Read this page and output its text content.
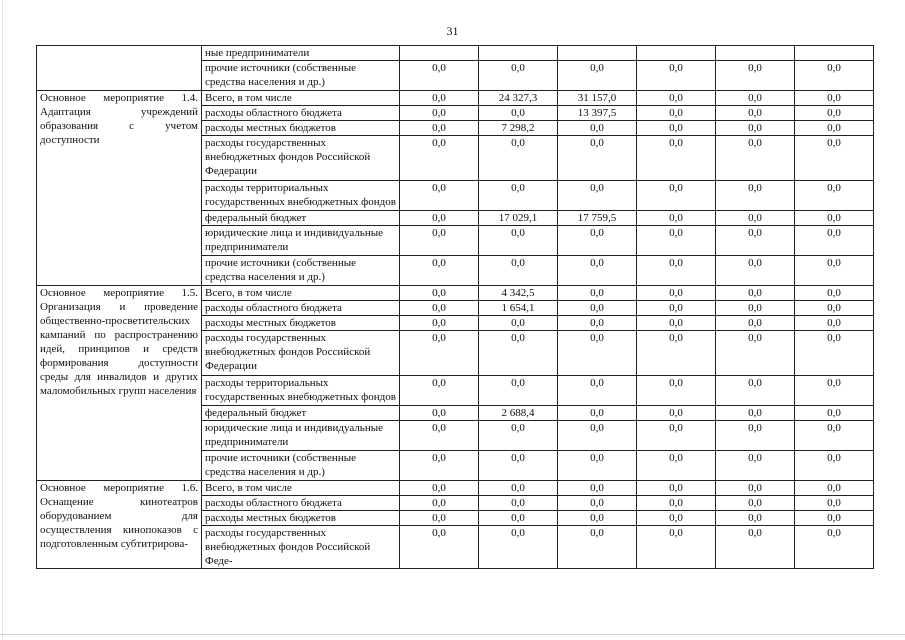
31
	ные предприниматели						
	прочие источники (собственные средства населения и др.)	0,0	0,0	0,0	0,0	0,0	0,0
Основное мероприятие 1.4. Адаптация учреждений образования с учетом доступности	Всего, в том числе	0,0	24 327,3	31 157,0	0,0	0,0	0,0
	расходы областного бюджета	0,0	0,0	13 397,5	0,0	0,0	0,0
	расходы местных бюджетов	0,0	7 298,2	0,0	0,0	0,0	0,0
	расходы государственных внебюджетных фондов Российской Федерации	0,0	0,0	0,0	0,0	0,0	0,0
	расходы территориальных государственных внебюджетных фондов	0,0	0,0	0,0	0,0	0,0	0,0
	федеральный бюджет	0,0	17 029,1	17 759,5	0,0	0,0	0,0
	юридические лица и индивидуальные предприниматели	0,0	0,0	0,0	0,0	0,0	0,0
	прочие источники (собственные средства населения и др.)	0,0	0,0	0,0	0,0	0,0	0,0
Основное мероприятие 1.5. Организация и проведение общественно-просветительских кампаний по распространению идей, принципов и средств формирования доступности среды для инвалидов и других маломобильных групп населения	Всего, в том числе	0,0	4 342,5	0,0	0,0	0,0	0,0
	расходы областного бюджета	0,0	1 654,1	0,0	0,0	0,0	0,0
	расходы местных бюджетов	0,0	0,0	0,0	0,0	0,0	0,0
	расходы государственных внебюджетных фондов Российской Федерации	0,0	0,0	0,0	0,0	0,0	0,0
	расходы территориальных государственных внебюджетных фондов	0,0	0,0	0,0	0,0	0,0	0,0
	федеральный бюджет	0,0	2 688,4	0,0	0,0	0,0	0,0
	юридические лица и индивидуальные предприниматели	0,0	0,0	0,0	0,0	0,0	0,0
	прочие источники (собственные средства населения и др.)	0,0	0,0	0,0	0,0	0,0	0,0
Основное мероприятие 1.6. Оснащение кинотеатров оборудованием для осуществления кинопоказов с подготовленным субтитрирова-	Всего, в том числе	0,0	0,0	0,0	0,0	0,0	0,0
	расходы областного бюджета	0,0	0,0	0,0	0,0	0,0	0,0
	расходы местных бюджетов	0,0	0,0	0,0	0,0	0,0	0,0
	расходы государственных внебюджетных фондов Российской Феде-	0,0	0,0	0,0	0,0	0,0	0,0
